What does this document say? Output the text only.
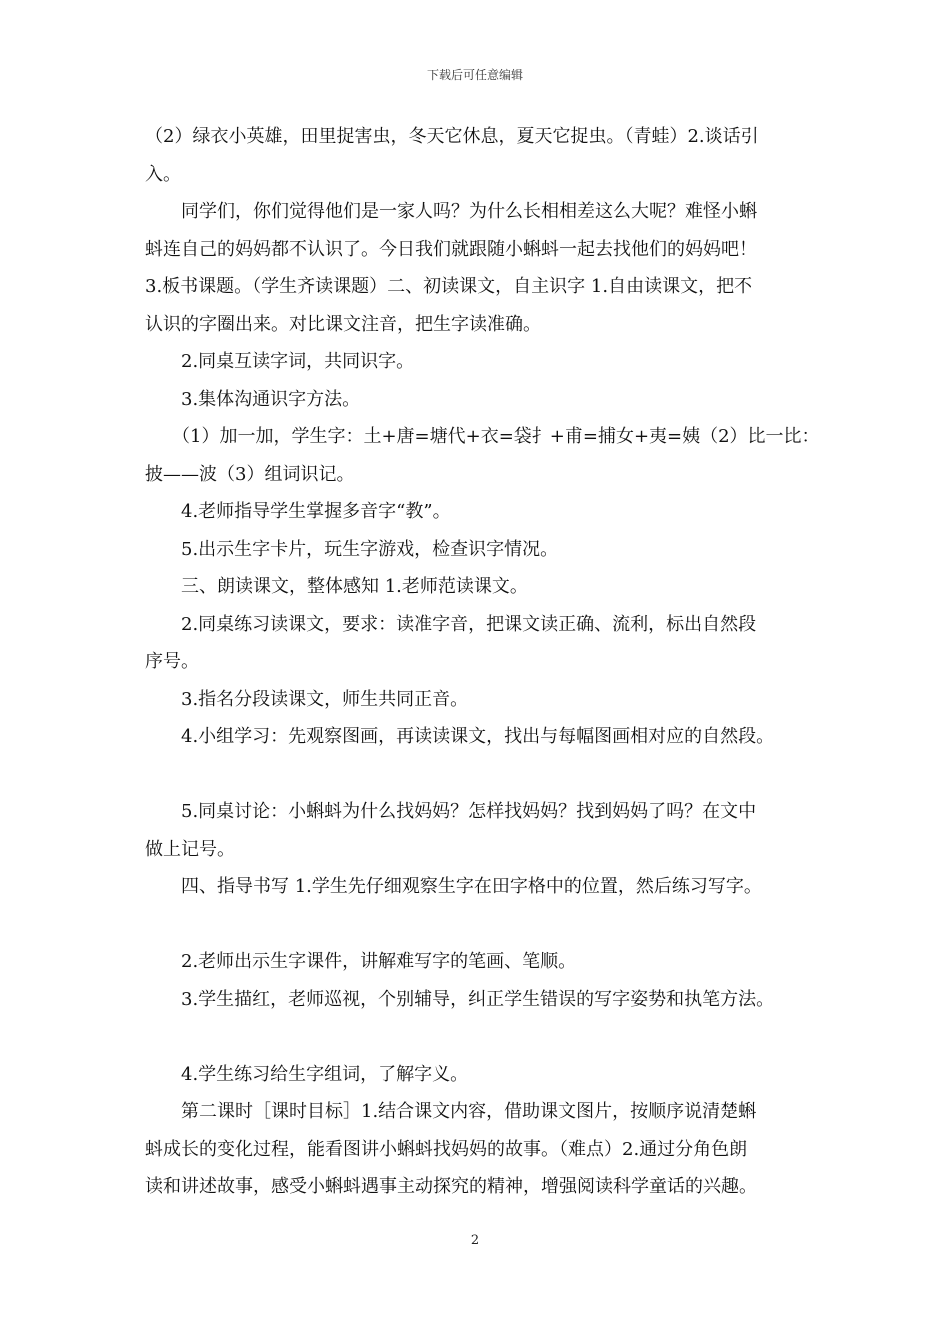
下载后可任意编辑
（2）绿衣小英雄，田里捉害虫，冬天它休息，夏天它捉虫。（青蛙）2.谈话引
入。
同学们，你们觉得他们是一家人吗？为什么长相相差这么大呢？难怪小蝌
蚪连自己的妈妈都不认识了。今日我们就跟随小蝌蚪一起去找他们的妈妈吧！
3.板书课题。（学生齐读课题）二、初读课文，自主识字 1.自由读课文，把不
认识的字圈出来。对比课文注音，把生字读准确。
2.同桌互读字词，共同识字。
3.集体沟通识字方法。
（1）加一加，学生字：土+唐=塘代+衣=袋扌+甫=捕女+夷=姨（2）比一比：
披——波（3）组词识记。
4.老师指导学生掌握多音字“教”。
5.出示生字卡片，玩生字游戏，检查识字情况。
三、朗读课文，整体感知 1.老师范读课文。
2.同桌练习读课文，要求：读准字音，把课文读正确、流利，标出自然段
序号。
3.指名分段读课文，师生共同正音。
4.小组学习：先观察图画，再读读课文，找出与每幅图画相对应的自然段。
5.同桌讨论：小蝌蚪为什么找妈妈？怎样找妈妈？找到妈妈了吗？在文中
做上记号。
四、指导书写 1.学生先仔细观察生字在田字格中的位置，然后练习写字。
2.老师出示生字课件，讲解难写字的笔画、笔顺。
3.学生描红，老师巡视，个别辅导，纠正学生错误的写字姿势和执笔方法。
4.学生练习给生字组词，了解字义。
第二课时［课时目标］1.结合课文内容，借助课文图片，按顺序说清楚蝌
蚪成长的变化过程，能看图讲小蝌蚪找妈妈的故事。（难点）2.通过分角色朗
读和讲述故事，感受小蝌蚪遇事主动探究的精神，增强阅读科学童话的兴趣。
2
